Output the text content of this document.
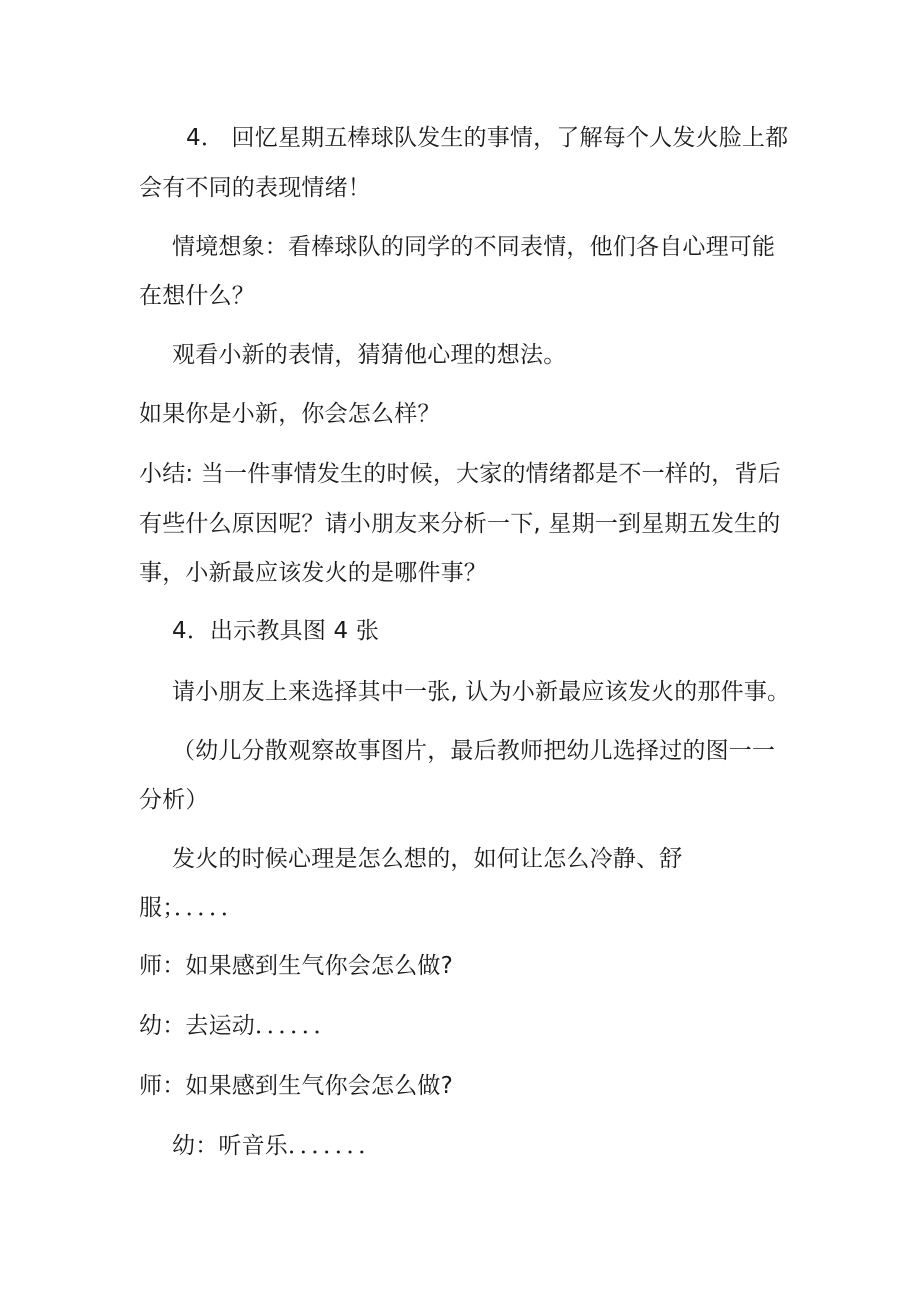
4． 回忆星期五棒球队发生的事情，了解每个人发火脸上都
会有不同的表现情绪！
情境想象：看棒球队的同学的不同表情，他们各自心理可能
在想什么？
观看小新的表情，猜猜他心理的想法。
如果你是小新，你会怎么样？
小结: 当一件事情发生的时候，大家的情绪都是不一样的，背后
有些什么原因呢？请小朋友来分析一下, 星期一到星期五发生的
事，小新最应该发火的是哪件事？
4．出示教具图 4 张
请小朋友上来选择其中一张, 认为小新最应该发火的那件事。
（幼儿分散观察故事图片，最后教师把幼儿选择过的图一一
分析）
发火的时候心理是怎么想的，如何让怎么冷静、舒
服；．．．．．
师：如果感到生气你会怎么做?
幼：去运动．．．．．．
师：如果感到生气你会怎么做?
幼：听音乐．．．．．．．
